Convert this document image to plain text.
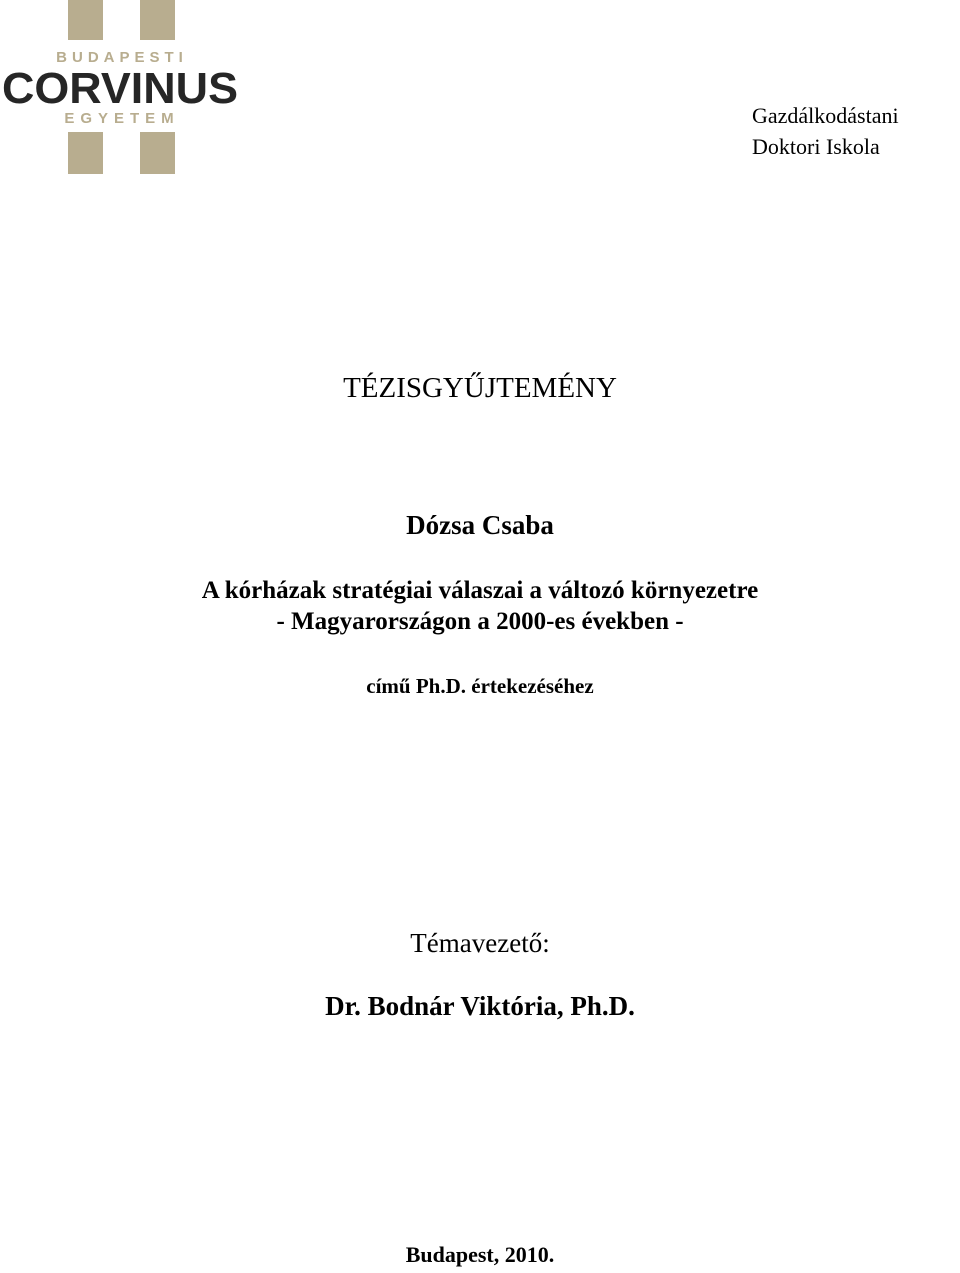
BUDAPESTI
CORVINUS
EGYETEM	Gazdálkodástani
Doktori Iskola
TÉZISGYŰJTEMÉNY
Dózsa Csaba
A kórházak stratégiai válaszai a változó környezetre
- Magyarországon a 2000-es években -
című Ph.D. értekezéséhez
Témavezető:
Dr. Bodnár Viktória, Ph.D.
Budapest, 2010.
